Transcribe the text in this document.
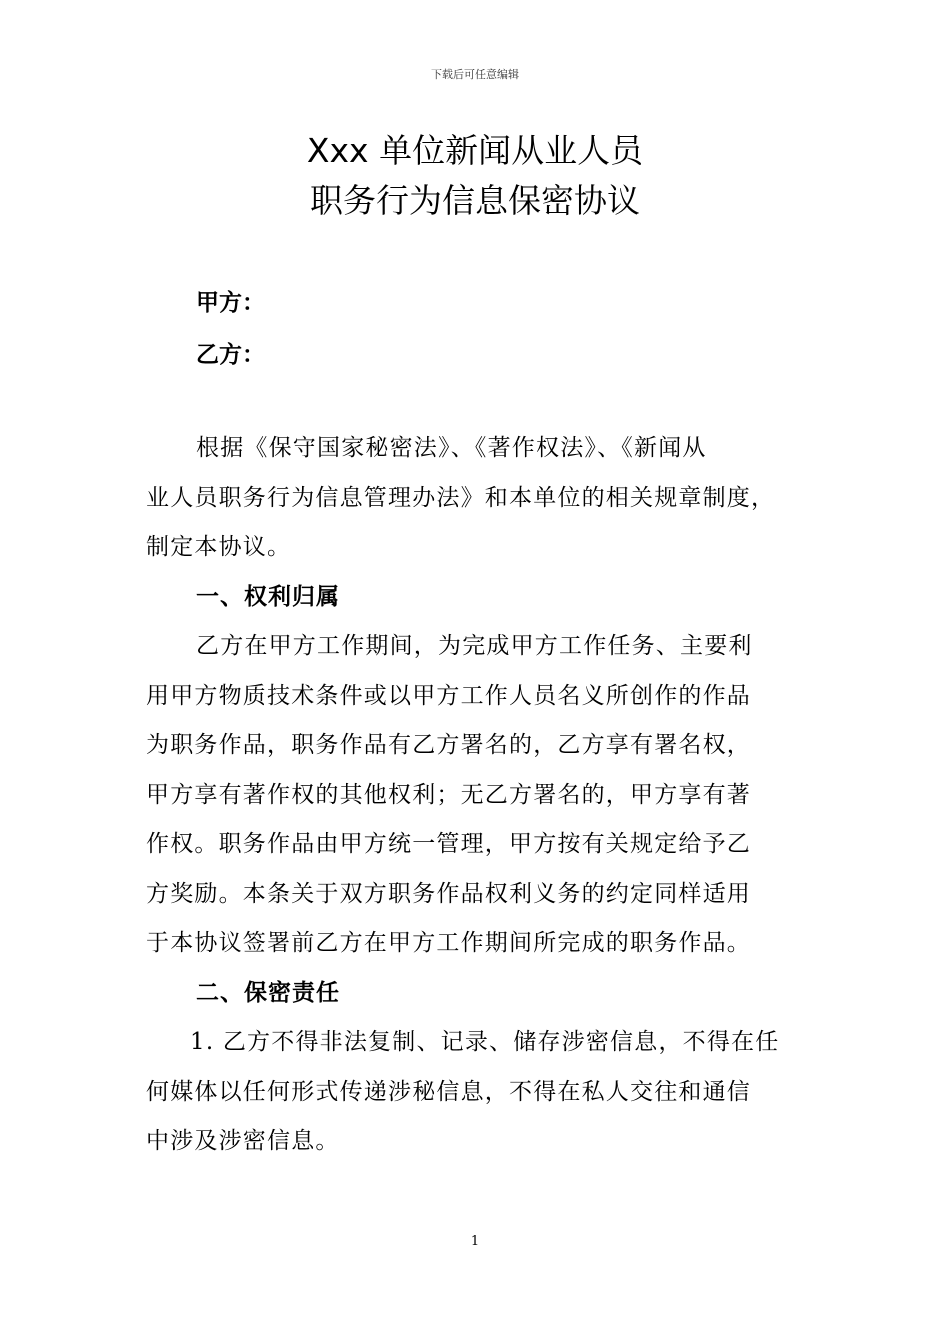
下载后可任意编辑
Xxx 单位新闻从业人员
职务行为信息保密协议
甲方：
乙方：
根据《保守国家秘密法》、《著作权法》、《新闻从
业人员职务行为信息管理办法》和本单位的相关规章制度，
制定本协议。
一、权利归属
乙方在甲方工作期间，为完成甲方工作任务、主要利
用甲方物质技术条件或以甲方工作人员名义所创作的作品
为职务作品，职务作品有乙方署名的，乙方享有署名权，
甲方享有著作权的其他权利；无乙方署名的，甲方享有著
作权。职务作品由甲方统一管理，甲方按有关规定给予乙
方奖励。本条关于双方职务作品权利义务的约定同样适用
于本协议签署前乙方在甲方工作期间所完成的职务作品。
二、保密责任
1. 乙方不得非法复制、记录、储存涉密信息，不得在任
何媒体以任何形式传递涉秘信息，不得在私人交往和通信
中涉及涉密信息。
1
